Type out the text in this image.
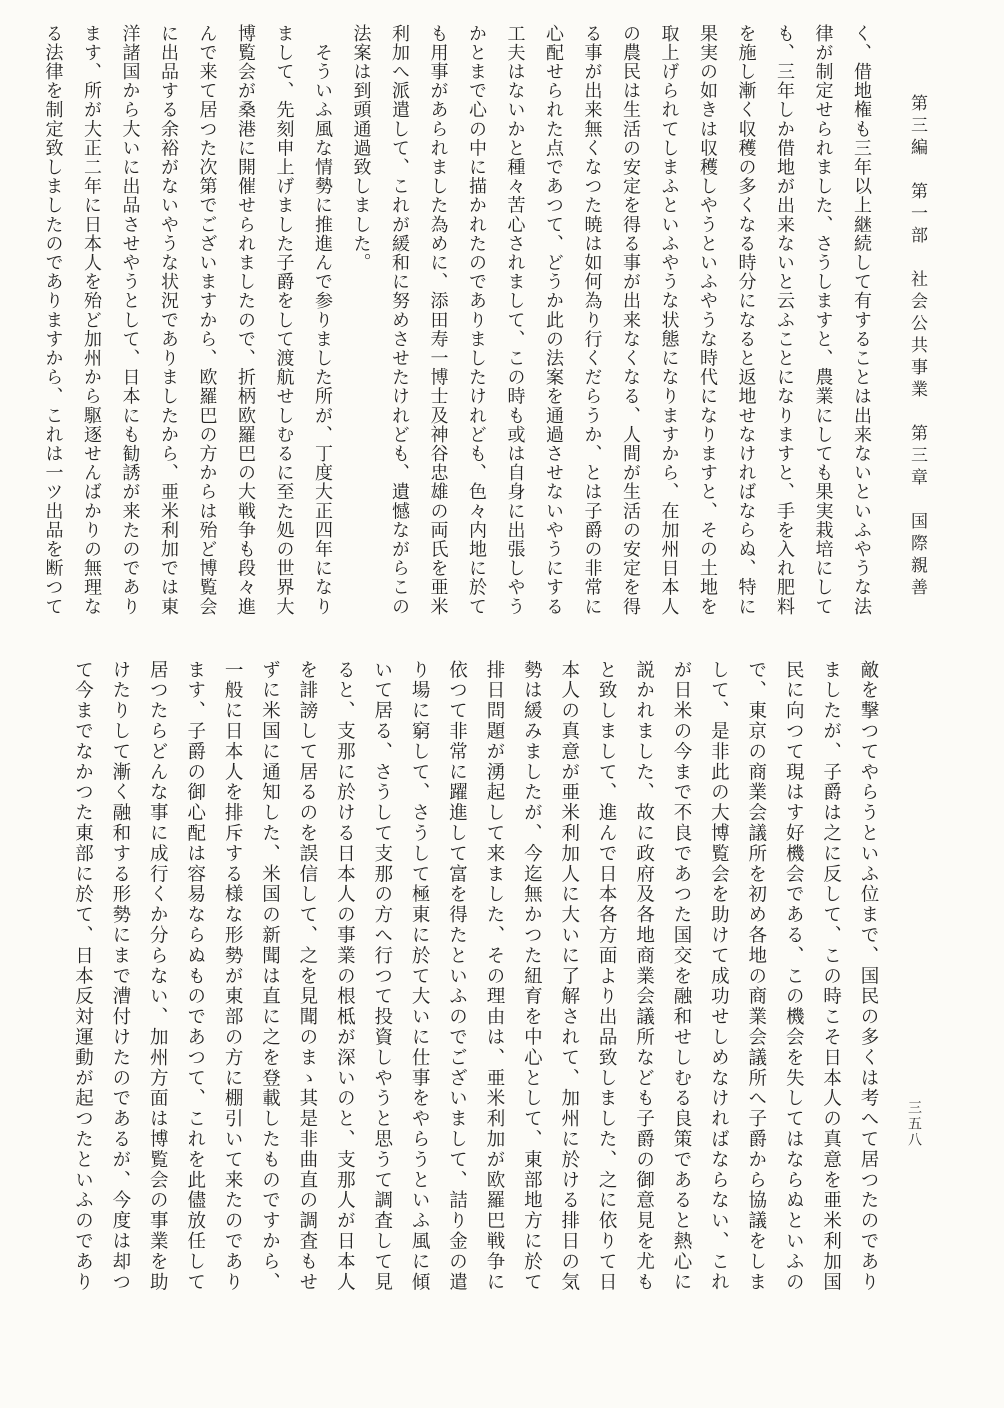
第三編　第一部　社会公共事業　第三章　国際親善
く、借地権も三年以上継続して有することは出来ないといふやうな法
律が制定せられました、さうしますと、農業にしても果実栽培にして
も、三年しか借地が出来ないと云ふことになりますと、手を入れ肥料
を施し漸く収穫の多くなる時分になると返地せなければならぬ、特に
果実の如きは収穫しやうといふやうな時代になりますと、その土地を
取上げられてしまふといふやうな状態になりますから、在加州日本人
の農民は生活の安定を得る事が出来なくなる、人間が生活の安定を得
る事が出来無くなつた暁は如何為り行くだらうか、とは子爵の非常に
心配せられた点であつて、どうか此の法案を通過させないやうにする
工夫はないかと種々苦心されまして、この時も或は自身に出張しやう
かとまで心の中に描かれたのでありましたけれども、色々内地に於て
も用事があられました為めに、添田寿一博士及神谷忠雄の両氏を亜米
利加へ派遣して、これが緩和に努めさせたけれども、遺憾ながらこの
法案は到頭通過致しました。
　そういふ風な情勢に推進んで参りました所が、丁度大正四年になり
まして、先刻申上げました子爵をして渡航せしむるに至た処の世界大
博覧会が桑港に開催せられましたので、折柄欧羅巴の大戦争も段々進
んで来て居つた次第でございますから、欧羅巴の方からは殆ど博覧会
に出品する余裕がないやうな状況でありましたから、亜米利加では東
洋諸国から大いに出品させやうとして、日本にも勧誘が来たのであり
ます、所が大正二年に日本人を殆ど加州から駆逐せんばかりの無理な
る法律を制定致しましたのでありますから、これは一ツ出品を断つて
敵を撃つてやらうといふ位まで、国民の多くは考へて居つたのであり
ましたが、子爵は之に反して、この時こそ日本人の真意を亜米利加国
民に向つて現はす好機会である、この機会を失してはならぬといふの
で、東京の商業会議所を初め各地の商業会議所へ子爵から協議をしま
して、是非此の大博覧会を助けて成功せしめなければならない、これ
が日米の今まで不良であつた国交を融和せしむる良策であると熱心に
説かれました、故に政府及各地商業会議所なども子爵の御意見を尤も
と致しまして、進んで日本各方面より出品致しました、之に依りて日
本人の真意が亜米利加人に大いに了解されて、加州に於ける排日の気
勢は緩みましたが、今迄無かつた紐育を中心として、東部地方に於て
排日問題が湧起して来ました、その理由は、亜米利加が欧羅巴戦争に
依つて非常に躍進して富を得たといふのでございまして、詰り金の遣
り場に窮して、さうして極東に於て大いに仕事をやらうといふ風に傾
いて居る、さうして支那の方へ行つて投資しやうと思うて調査して見
ると、支那に於ける日本人の事業の根柢が深いのと、支那人が日本人
を誹謗して居るのを誤信して、之を見聞のまゝ其是非曲直の調査もせ
ずに米国に通知した、米国の新聞は直に之を登載したものですから、
一般に日本人を排斥する様な形勢が東部の方に棚引いて来たのであり
ます、子爵の御心配は容易ならぬものであつて、これを此儘放任して
居つたらどんな事に成行くか分らない、加州方面は博覧会の事業を助
けたりして漸く融和する形勢にまで漕付けたのであるが、今度は却つ
て今までなかつた東部に於て、日本反対運動が起つたといふのであり	三五八
